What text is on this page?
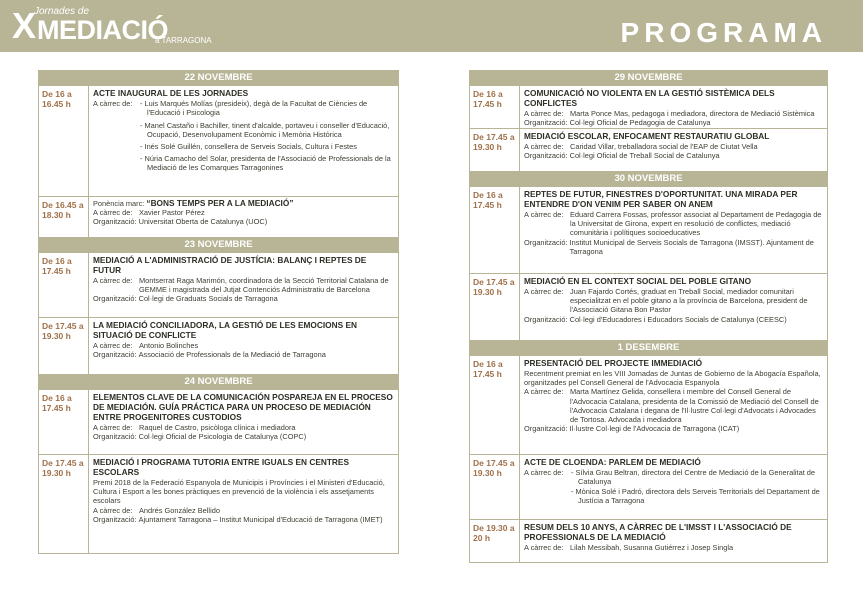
X
Jornades de
MEDIACIÓ
a TARRAGONA	PROGRAMA
22 NOVEMBRE
De 16 a 16.45 h
ACTE INAUGURAL DE LES JORNADES
A càrrec de:	- Luis Marqués Molías (presideix), degà de la Facultat de Ciències de l'Educació i Psicologia
- Manel Castaño i Bachiller, tinent d'alcalde, portaveu i conseller d'Educació, Ocupació, Desenvolupament Econòmic i Memòria Històrica
- Inés Solé Guillén, consellera de Serveis Socials, Cultura i Festes
- Núria Camacho del Solar, presidenta de l'Associació de Professionals de la Mediació de les Comarques Tarragonines
De 16.45 a 18.30 h
Ponència marc: “BONS TEMPS PER A LA MEDIACIÓ”
A càrrec de: Xavier Pastor Pérez
Organització:
Universitat Oberta de Catalunya (UOC)
23 NOVEMBRE
De 16 a 17.45 h
MEDIACIÓ A L'ADMINISTRACIÓ DE JUSTÍCIA: BALANÇ I REPTES DE FUTUR
A càrrec de: Montserrat Raga Marimón, coordinadora de la Secció Territorial Catalana de GEMME i magistrada del Jutjat Contenciós Administratiu de Barcelona
Organització:
Col·legi de Graduats Socials de Tarragona
De 17.45 a 19.30 h
LA MEDIACIÓ CONCILIADORA, LA GESTIÓ DE LES EMOCIONS EN SITUACIÓ DE CONFLICTE
A càrrec de: Antonio Bolinches
Organització:
Associació de Professionals de la Mediació de Tarragona
24 NOVEMBRE
De 16 a 17.45 h
ELEMENTOS CLAVE DE LA COMUNICACIÓN POSPAREJA EN EL PROCESO DE MEDIACIÓN. GUÍA PRÁCTICA PARA UN PROCESO DE MEDIACIÓN ENTRE PROGENITORES CUSTODIOS
A càrrec de: Raquel de Castro, psicòloga clínica i mediadora
Organització:
Col·legi Oficial de Psicologia de Catalunya (COPC)
De 17.45 a 19.30 h
MEDIACIÓ I PROGRAMA TUTORIA ENTRE IGUALS EN CENTRES ESCOLARS
Premi 2018 de la Federació Espanyola de Municipis i Províncies i el Ministeri d'Educació, Cultura i Esport a les bones pràctiques en prevenció de la violència i els assetjaments escolars
A càrrec de: Andrés González Bellido
Organització:
Ajuntament Tarragona – Institut Municipal d'Educació de Tarragona (IMET)
29 NOVEMBRE
De 16 a 17.45 h
COMUNICACIÓ NO VIOLENTA EN LA GESTIÓ SISTÈMICA DELS CONFLICTES
A càrrec de: Marta Ponce Mas, pedagoga i mediadora, directora de Mediació Sistèmica
Organització:
Col·legi Oficial de Pedagogia de Catalunya
De 17.45 a 19.30 h
MEDIACIÓ ESCOLAR, ENFOCAMENT RESTAURATIU GLOBAL
A càrrec de: Caridad Villar, treballadora social de l'EAP de Ciutat Vella
Organització:
Col·legi Oficial de Treball Social de Catalunya
30 NOVEMBRE
De 16 a 17.45 h
REPTES DE FUTUR, FINESTRES D'OPORTUNITAT. UNA MIRADA PER ENTENDRE D'ON VENIM PER SABER ON ANEM
A càrrec de: Eduard Carrera Fossas, professor associat al Departament de Pedagogia de la Universitat de Girona, expert en resolució de conflictes, mediació comunitària i polítiques socioeducatives
Organització:
Institut Municipal de Serveis Socials de Tarragona (IMSST). Ajuntament de Tarragona
De 17.45 a 19.30 h
MEDIACIÓ EN EL CONTEXT SOCIAL DEL POBLE GITANO
A càrrec de: Juan Fajardo Cortés, graduat en Treball Social, mediador comunitari especialitzat en el poble gitano a la província de Barcelona, president de l'Associació Gitana Bon Pastor
Organització:
Col·legi d'Educadores i Educadors Socials de Catalunya (CEESC)
1 DESEMBRE
De 16 a 17.45 h
PRESENTACIÓ DEL PROJECTE IMMEDIACIÓ
Recentment premiat en les VIII Jornadas de Juntas de Gobierno de la Abogacía Española, organitzades pel Consell General de l'Advocacia Espanyola
A càrrec de: Marta Martínez Gelida, consellera i membre del Consell General de l'Advocacia Catalana, presidenta de la Comissió de Mediació del Consell de l'Advocacia Catalana i degana de l'Il·lustre Col·legi d'Advocats i Advocades de Tortosa. Advocada i mediadora
Organització:
Il·lustre Col·legi de l'Advocacia de Tarragona (ICAT)
De 17.45 a 19.30 h
ACTE DE CLOENDA: PARLEM DE MEDIACIÓ
A càrrec de:	- Sílvia Grau Beltran, directora del Centre de Mediació de la Generalitat de Catalunya
- Mònica Solé i Padró, directora dels Serveis Territorials del Departament de Justícia a Tarragona
De 19.30 a 20 h
RESUM DELS 10 ANYS, A CÀRREC DE L'IMSST I L'ASSOCIACIÓ DE PROFESSIONALS DE LA MEDIACIÓ
A càrrec de: Lilah Messibah, Susanna Gutiérrez i Josep Singla
